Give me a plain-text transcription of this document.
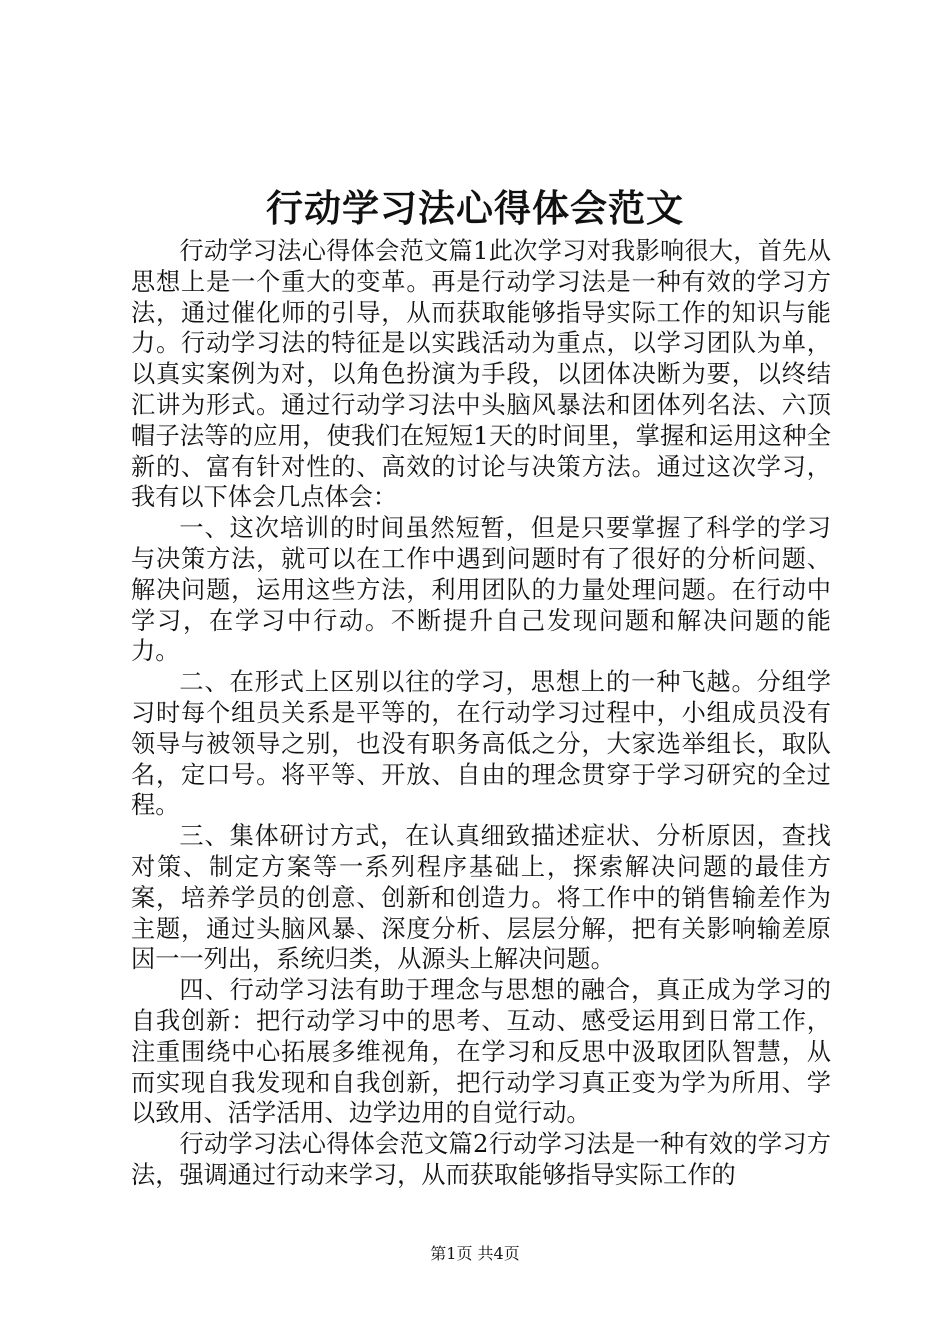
行动学习法心得体会范文

行动学习法心得体会范文篇1此次学习对我影响很大，首先从思想上是一个重大的变革。再是行动学习法是一种有效的学习方法，通过催化师的引导，从而获取能够指导实际工作的知识与能力。行动学习法的特征是以实践活动为重点，以学习团队为单，以真实案例为对，以角色扮演为手段，以团体决断为要，以终结汇讲为形式。通过行动学习法中头脑风暴法和团体列名法、六顶帽子法等的应用，使我们在短短1天的时间里，掌握和运用这种全新的、富有针对性的、高效的讨论与决策方法。通过这次学习，我有以下体会几点体会：

一、这次培训的时间虽然短暂，但是只要掌握了科学的学习与决策方法，就可以在工作中遇到问题时有了很好的分析问题、解决问题，运用这些方法，利用团队的力量处理问题。在行动中学习，在学习中行动。不断提升自己发现问题和解决问题的能力。

二、在形式上区别以往的学习，思想上的一种飞越。分组学习时每个组员关系是平等的，在行动学习过程中，小组成员没有领导与被领导之别，也没有职务高低之分，大家选举组长，取队名，定口号。将平等、开放、自由的理念贯穿于学习研究的全过程。

三、集体研讨方式，在认真细致描述症状、分析原因，查找对策、制定方案等一系列程序基础上，探索解决问题的最佳方案，培养学员的创意、创新和创造力。将工作中的销售输差作为主题，通过头脑风暴、深度分析、层层分解，把有关影响输差原因一一列出，系统归类，从源头上解决问题。

四、行动学习法有助于理念与思想的融合，真正成为学习的自我创新：把行动学习中的思考、互动、感受运用到日常工作，注重围绕中心拓展多维视角，在学习和反思中汲取团队智慧，从而实现自我发现和自我创新，把行动学习真正变为学为所用、学以致用、活学活用、边学边用的自觉行动。

行动学习法心得体会范文篇2行动学习法是一种有效的学习方法，强调通过行动来学习，从而获取能够指导实际工作的

第1页 共4页
